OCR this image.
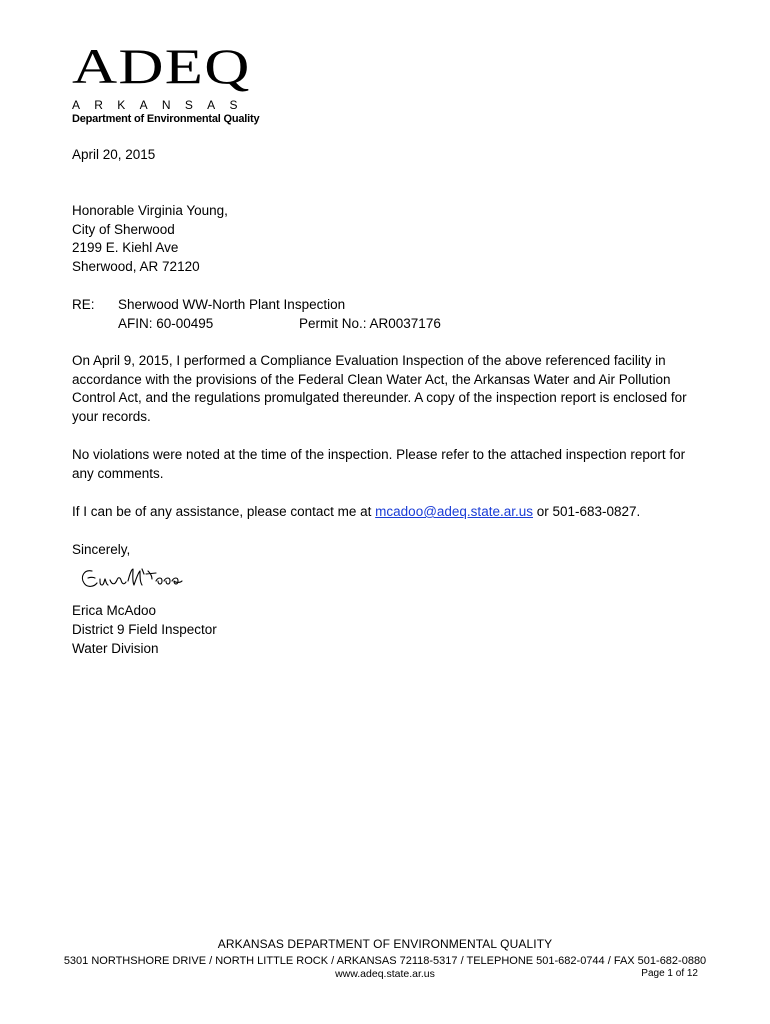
ADEQ
ARKANSAS
Department of Environmental Quality
April 20, 2015
Honorable Virginia Young,
City of Sherwood
2199 E. Kiehl Ave
Sherwood, AR 72120
RE: Sherwood WW-North Plant Inspection
AFIN: 60-00495	Permit No.: AR0037176
On April 9, 2015, I performed a Compliance Evaluation Inspection of the above referenced facility in accordance with the provisions of the Federal Clean Water Act, the Arkansas Water and Air Pollution Control Act, and the regulations promulgated thereunder. A copy of the inspection report is enclosed for your records.
No violations were noted at the time of the inspection. Please refer to the attached inspection report for any comments.
If I can be of any assistance, please contact me at mcadoo@adeq.state.ar.us or 501-683-0827.
Sincerely,
Erica McAdoo
District 9 Field Inspector
Water Division
ARKANSAS DEPARTMENT OF ENVIRONMENTAL QUALITY
5301 NORTHSHORE DRIVE / NORTH LITTLE ROCK / ARKANSAS 72118-5317 / TELEPHONE 501-682-0744 / FAX 501-682-0880
www.adeq.state.ar.us	Page 1 of 12
